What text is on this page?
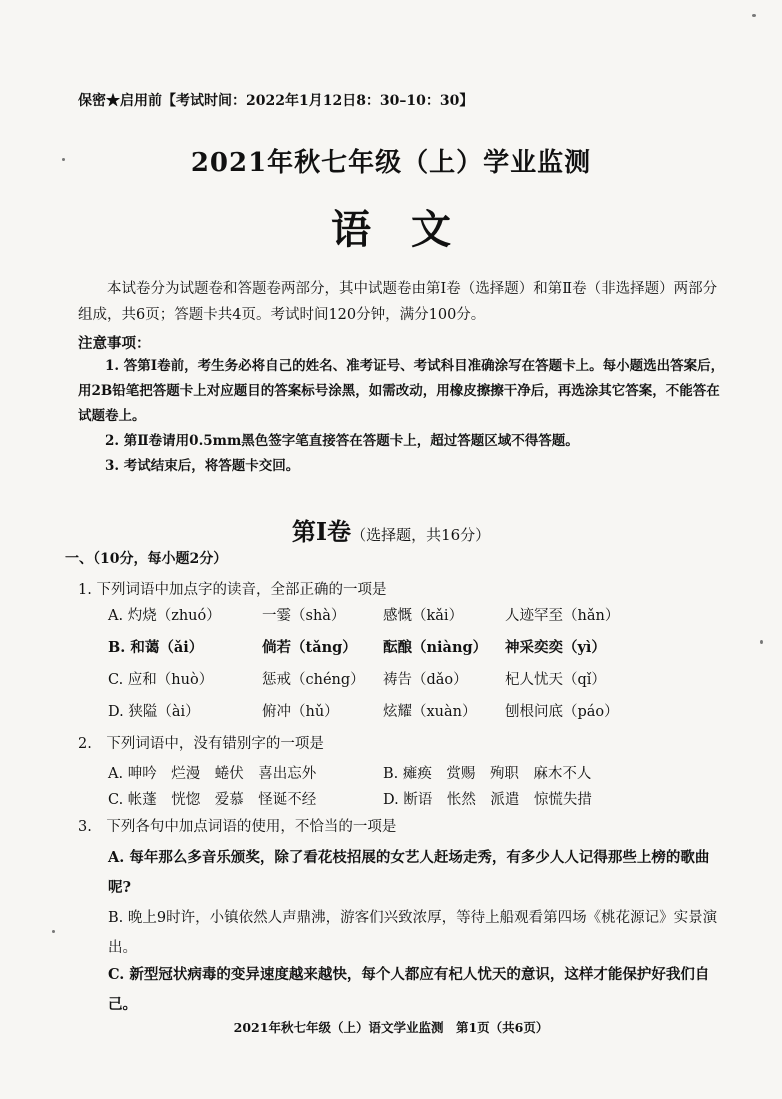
保密★启用前【考试时间：2022年1月12日8：30–10：30】
2021年秋七年级（上）学业监测
语文
本试卷分为试题卷和答题卷两部分，其中试题卷由第Ⅰ卷（选择题）和第Ⅱ卷（非选择题）两部分组成，共6页；答题卡共4页。考试时间120分钟，满分100分。
注意事项：
1. 答第Ⅰ卷前，考生务必将自己的姓名、准考证号、考试科目准确涂写在答题卡上。每小题选出答案后，用2B铅笔把答题卡上对应题目的答案标号涂黑，如需改动，用橡皮擦擦干净后，再选涂其它答案，不能答在试题卷上。
2. 第Ⅱ卷请用0.5mm黑色签字笔直接答在答题卡上，超过答题区域不得答题。
3. 考试结束后，将答题卡交回。
第Ⅰ卷（选择题，共16分）
一、（10分，每小题2分）
1. 下列词语中加点字的读音，全部正确的一项是
A. 灼烧（zhuó）	一霎（shà）	感慨（kǎi）	人迹罕至（hǎn）
B. 和蔼（ǎi）	倘若（tǎng） 酝酿（niàng） 神采奕奕（yì）
C. 应和（huò）	惩戒（chéng） 祷告（dǎo）	杞人忧天（qǐ）
D. 狭隘（ài）	俯冲（hǔ）	炫耀（xuàn） 刨根问底（páo）
2.　下列词语中，没有错别字的一项是
A. 呻吟　烂漫　蜷伏　喜出忘外	B. 瘫痪　赏赐　殉职　麻木不人
C. 帐蓬　恍惚　爱慕　怪诞不经	D. 断语　怅然　派遣　惊慌失措
3.　下列各句中加点词语的使用，不恰当的一项是
A. 每年那么多音乐颁奖，除了看花枝招展的女艺人赶场走秀，有多少人人记得那些上榜的歌曲呢?
B. 晚上9时许，小镇依然人声鼎沸，游客们兴致浓厚，等待上船观看第四场《桃花源记》实景演出。
C. 新型冠状病毒的变异速度越来越快，每个人都应有杞人忧天的意识，这样才能保护好我们自己。
2021年秋七年级（上）语文学业监测　第1页（共6页）
